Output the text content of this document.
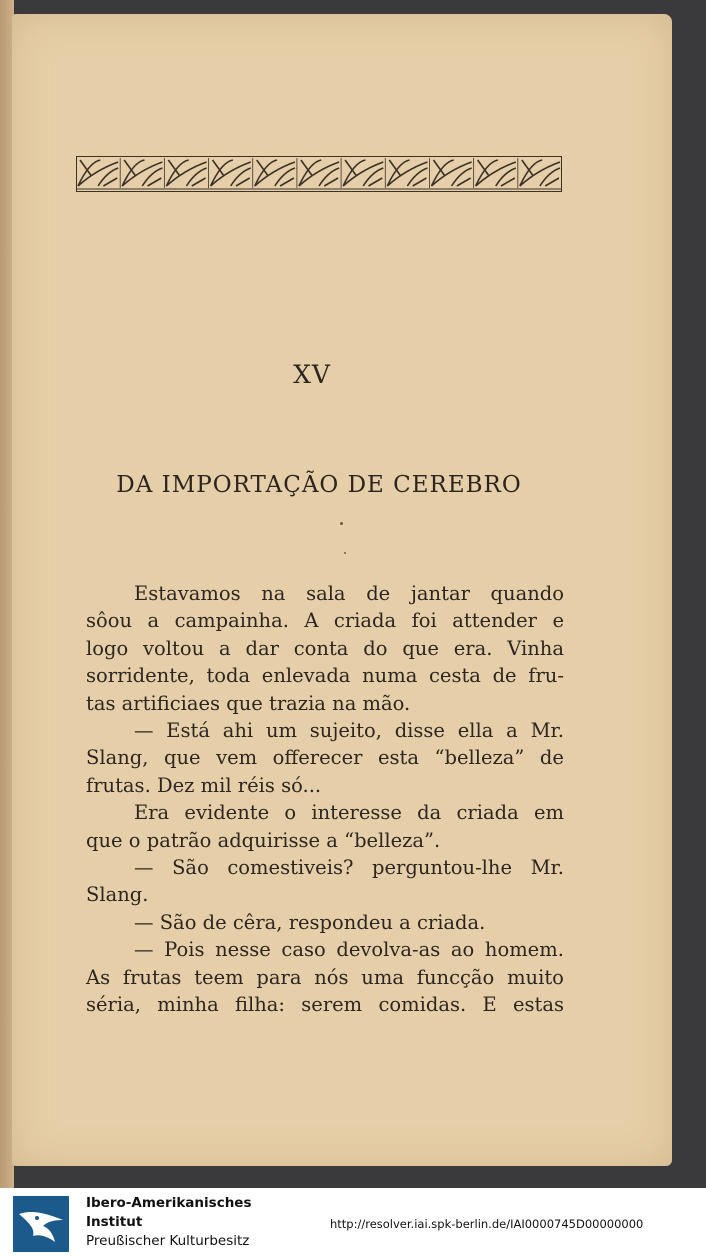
XV
DA IMPORTAÇÃO DE CEREBRO
Estavamos na sala de jantar quando
sôou a campainha. A criada foi attender e
logo voltou a dar conta do que era. Vinha
sorridente, toda enlevada numa cesta de fru-
tas artificiaes que trazia na mão.
— Está ahi um sujeito, disse ella a Mr.
Slang, que vem offerecer esta “belleza” de
frutas. Dez mil réis só...
Era evidente o interesse da criada em
que o patrão adquirisse a “belleza”.
— São comestiveis? perguntou-lhe Mr.
Slang.
— São de cêra, respondeu a criada.
— Pois nesse caso devolva-as ao homem.
As frutas teem para nós uma funcção muito
séria, minha filha: serem comidas. E estas
Ibero-Amerikanisches
Institut
Preußischer Kulturbesitz
http://resolver.iai.spk-berlin.de/IAI0000745D00000000
